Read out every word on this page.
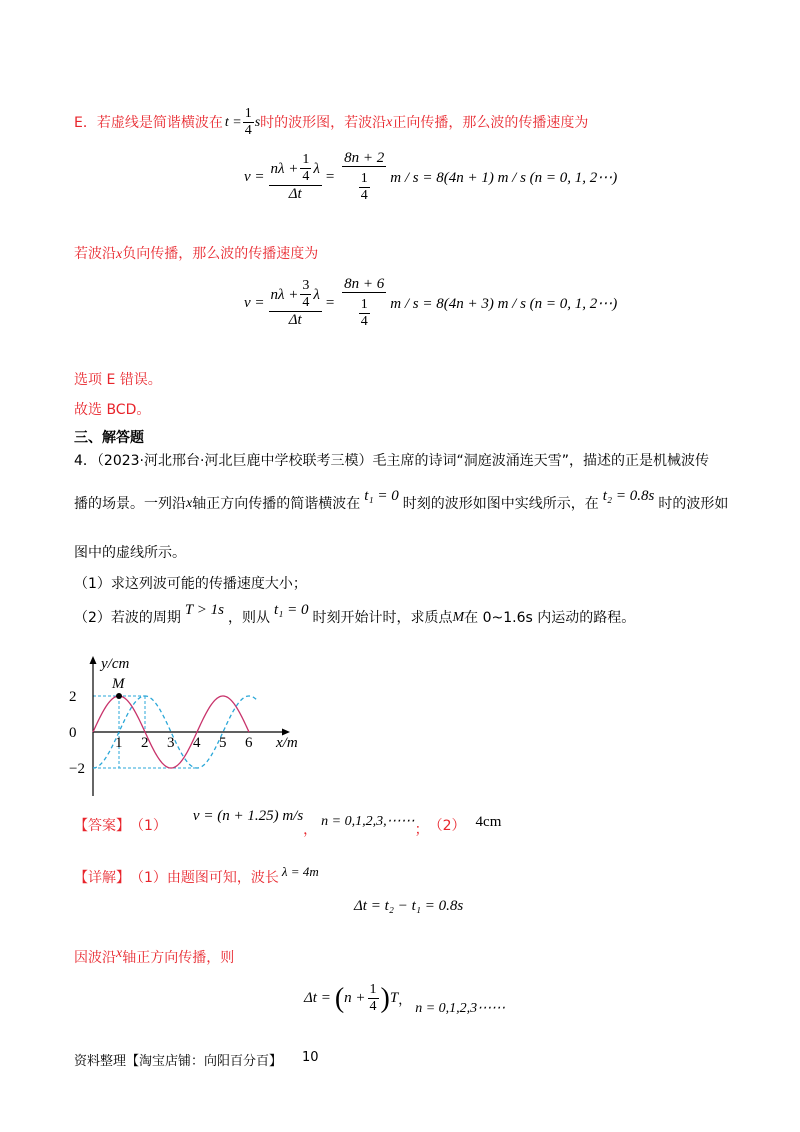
E．若虚线是简谐横波在 $t = \frac{1}{4}$ s 时的波形图，若波沿 x 正向传播，那么波的传播速度为
$v = \frac{n\lambda + \frac{1}{4} \lambda}{\Delta t} = \frac{8n + 2}{\frac{1}{4}}$ m / s = 8(4n + 1) m / s (n = 0, 1, 2⋯)
若波沿x负向传播，那么波的传播速度为
$v = \frac{n\lambda + \frac{3}{4} \lambda}{\Delta t} = \frac{8n + 6}{\frac{1}{4}}$ m / s = 8(4n + 3) m / s (n = 0, 1, 2⋯)
选项 E 错误。
故选 BCD。
三、解答题
4．（2023·河北邢台·河北巨鹿中学校联考三模）毛主席的诗词“洞庭波涌连天雪”，描述的正是机械波传
播的场景。一列沿 x 轴正方向传播的简谐横波在 t₁ = 0 时刻的波形如图中实线所示，在 t₂ = 0.8s 时的波形如
图中的虚线所示。
（1）求这列波可能的传播速度大小；
（2）若波的周期 T > 1s ，则从 t₁ = 0 时刻开始计时，求质点 M 在 0~1.6s 内运动的路程。
M
y/cm
x/m
2
0
−2
1 2 3 4 5 6
【答案】 （1）
v = (n + 1.25) m/s
，
n = 0,1,2,3,⋯⋯
； （2） 4cm
【详解】 （1）由题图可知，波长 λ = 4m
Δt = t₂ − t₁ = 0.8s
因波沿x轴正方向传播，则
Δt = ( $n + \frac{1}{4}$ ) T ，
n = 0,1,2,3⋯⋯
资料整理【淘宝店铺：向阳百分百】 10
